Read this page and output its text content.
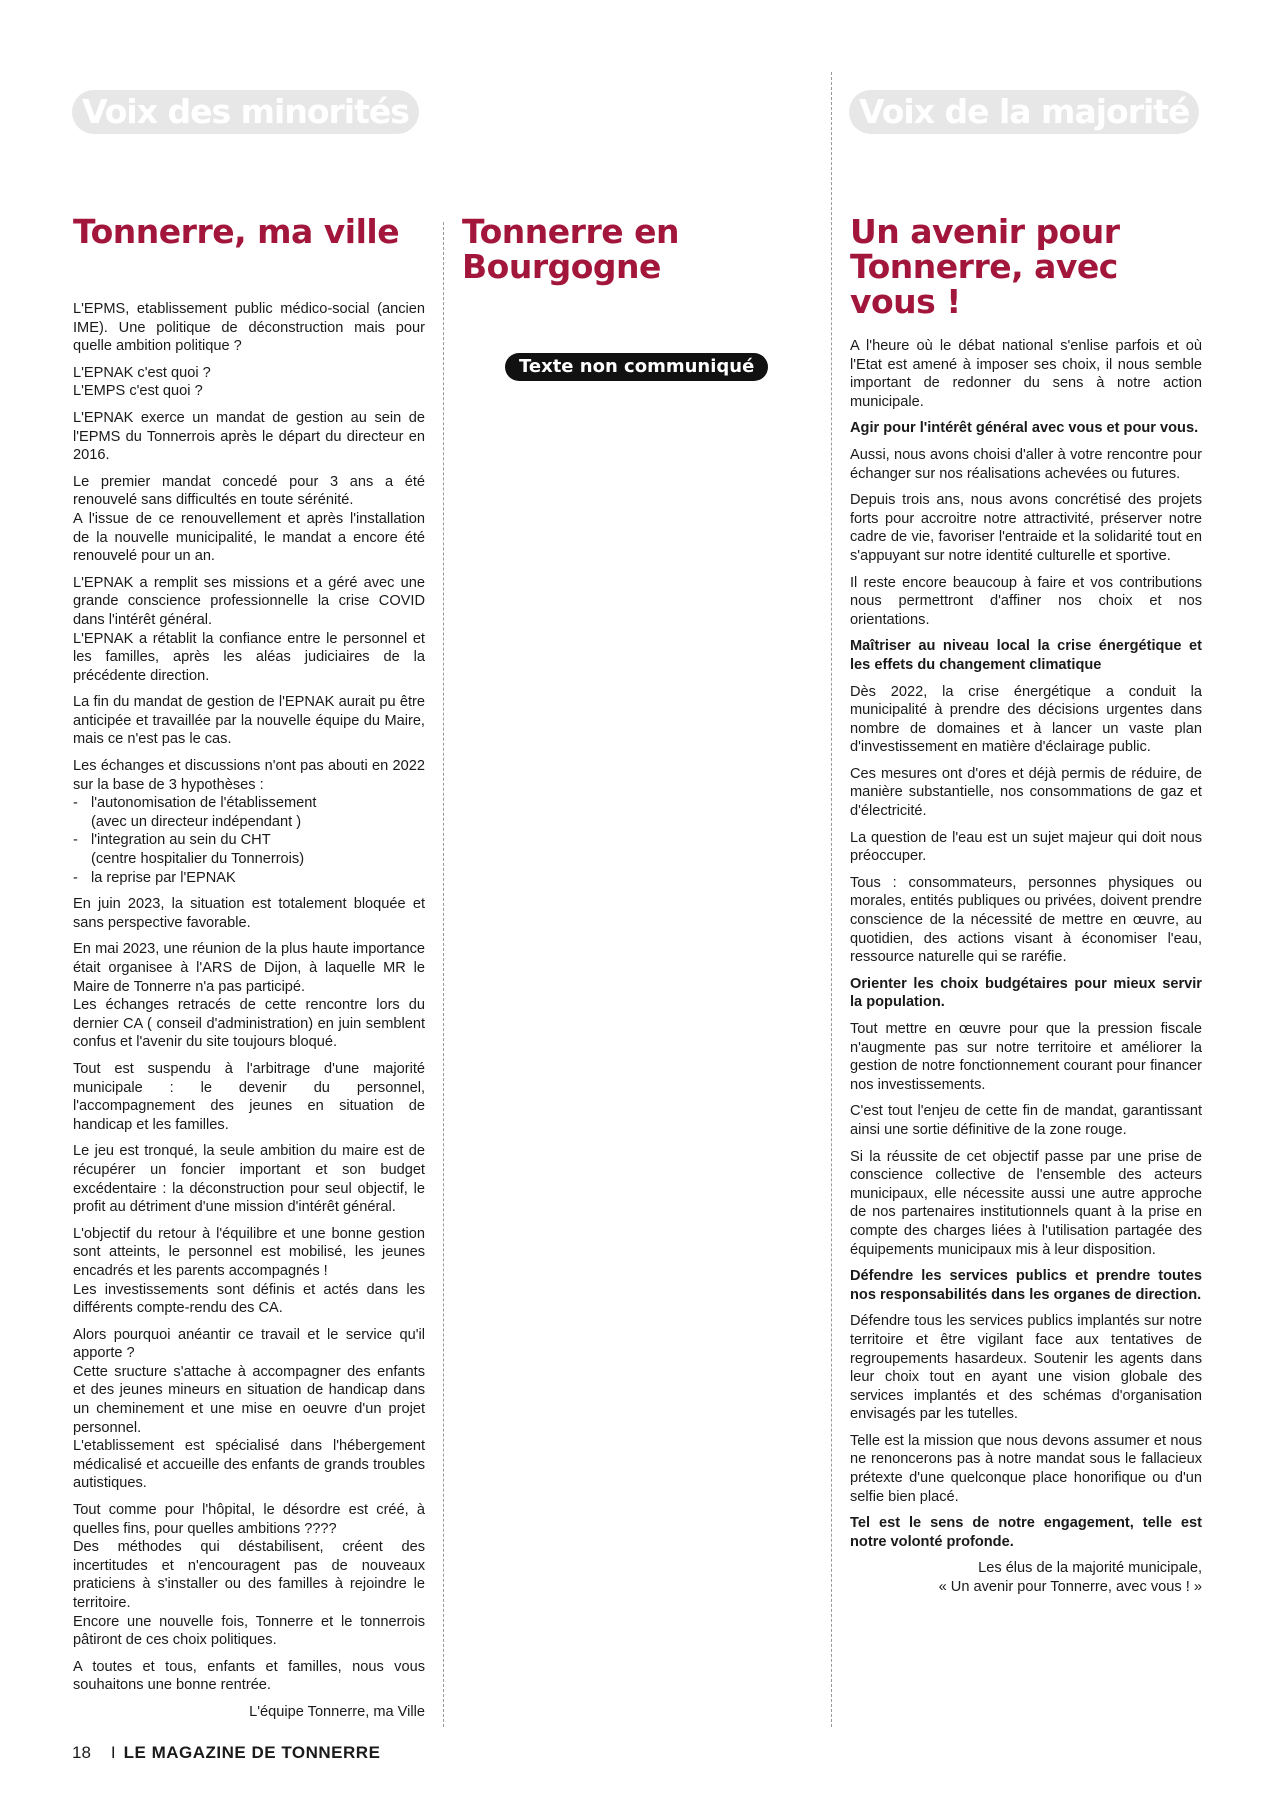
Voix des minorités	Voix de la majorité
Tonnerre, ma ville

L'EPMS, etablissement public médico-social (ancien IME). Une politique de déconstruction mais pour quelle ambition politique ?

L'EPNAK c'est quoi ?

L'EMPS c'est quoi ?

L'EPNAK exerce un mandat de gestion au sein de l'EPMS du Tonnerrois après le départ du directeur en 2016.

Le premier mandat concedé pour 3 ans a été renouvelé sans difficultés en toute sérénité.

A l'issue de ce renouvellement et après l'installation de la nouvelle municipalité, le mandat a encore été renouvelé pour un an.

L'EPNAK a remplit ses missions et a géré avec une grande conscience professionnelle la crise COVID dans l'intérêt général.

L'EPNAK a rétablit la confiance entre le personnel et les familles, après les aléas judiciaires de la précédente direction.

La fin du mandat de gestion de l'EPNAK aurait pu être anticipée et travaillée par la nouvelle équipe du Maire, mais ce n'est pas le cas.

Les échanges et discussions n'ont pas abouti en 2022 sur la base de 3 hypothèses :

- l'autonomisation de l'établissement
(avec un directeur indépendant )
- l'integration au sein du CHT
(centre hospitalier du Tonnerrois)
- la reprise par l'EPNAK

En juin 2023, la situation est totalement bloquée et sans perspective favorable.

En mai 2023, une réunion de la plus haute importance était organisee à l'ARS de Dijon, à laquelle MR le Maire de Tonnerre n'a pas participé.

Les échanges retracés de cette rencontre lors du dernier CA ( conseil d'administration) en juin semblent confus et l'avenir du site toujours bloqué.

Tout est suspendu à l'arbitrage d'une majorité municipale : le devenir du personnel, l'accompagnement des jeunes en situation de handicap et les familles.

Le jeu est tronqué, la seule ambition du maire est de récupérer un foncier important et son budget excédentaire : la déconstruction pour seul objectif, le profit au détriment d'une mission d'intérêt général.

L'objectif du retour à l'équilibre et une bonne gestion sont atteints, le personnel est mobilisé, les jeunes encadrés et les parents accompagnés !

Les investissements sont définis et actés dans les différents compte-rendu des CA.

Alors pourquoi anéantir ce travail et le service qu'il apporte ?

Cette sructure s'attache à accompagner des enfants et des jeunes mineurs en situation de handicap dans un cheminement et une mise en oeuvre d'un projet personnel.

L'etablissement est spécialisé dans l'hébergement médicalisé et accueille des enfants de grands troubles autistiques.

Tout comme pour l'hôpital, le désordre est créé, à quelles fins, pour quelles ambitions ????

Des méthodes qui déstabilisent, créent des incertitudes et n'encouragent pas de nouveaux praticiens à s'installer ou des familles à rejoindre le territoire.

Encore une nouvelle fois, Tonnerre et le tonnerrois pâtiront de ces choix politiques.

A toutes et tous, enfants et familles, nous vous souhaitons une bonne rentrée.

L'équipe Tonnerre, ma Ville

Tonnerre en
Bourgogne
Texte non communiqué
Un avenir pour
Tonnerre, avec vous !

A l'heure où le débat national s'enlise parfois et où l'Etat est amené à imposer ses choix, il nous semble important de redonner du sens à notre action municipale.

Agir pour l'intérêt général avec vous et pour vous.

Aussi, nous avons choisi d'aller à votre rencontre pour échanger sur nos réalisations achevées ou futures.

Depuis trois ans, nous avons concrétisé des projets forts pour accroitre notre attractivité, préserver notre cadre de vie, favoriser l'entraide et la solidarité tout en s'appuyant sur notre identité culturelle et sportive.

Il reste encore beaucoup à faire et vos contributions nous permettront d'affiner nos choix et nos orientations.

Maîtriser au niveau local la crise énergétique et les effets du changement climatique

Dès 2022, la crise énergétique a conduit la municipalité à prendre des décisions urgentes dans nombre de domaines et à lancer un vaste plan d'investissement en matière d'éclairage public.

Ces mesures ont d'ores et déjà permis de réduire, de manière substantielle, nos consommations de gaz et d'électricité.

La question de l'eau est un sujet majeur qui doit nous préoccuper.

Tous : consommateurs, personnes physiques ou morales, entités publiques ou privées, doivent prendre conscience de la nécessité de mettre en œuvre, au quotidien, des actions visant à économiser l'eau, ressource naturelle qui se raréfie.

Orienter les choix budgétaires pour mieux servir la population.

Tout mettre en œuvre pour que la pression fiscale n'augmente pas sur notre territoire et améliorer la gestion de notre fonctionnement courant pour financer nos investissements.

C'est tout l'enjeu de cette fin de mandat, garantissant ainsi une sortie définitive de la zone rouge.

Si la réussite de cet objectif passe par une prise de conscience collective de l'ensemble des acteurs municipaux, elle nécessite aussi une autre approche de nos partenaires institutionnels quant à la prise en compte des charges liées à l'utilisation partagée des équipements municipaux mis à leur disposition.

Défendre les services publics et prendre toutes nos responsabilités dans les organes de direction.

Défendre tous les services publics implantés sur notre territoire et être vigilant face aux tentatives de regroupements hasardeux. Soutenir les agents dans leur choix tout en ayant une vision globale des services implantés et des schémas d'organisation envisagés par les tutelles.

Telle est la mission que nous devons assumer et nous ne renoncerons pas à notre mandat sous le fallacieux prétexte d'une quelconque place honorifique ou d'un selfie bien placé.

Tel est le sens de notre engagement, telle est notre volonté profonde.

Les élus de la majorité municipale,
« Un avenir pour Tonnerre, avec vous ! »

18 I LE MAGAZINE DE TONNERRE
